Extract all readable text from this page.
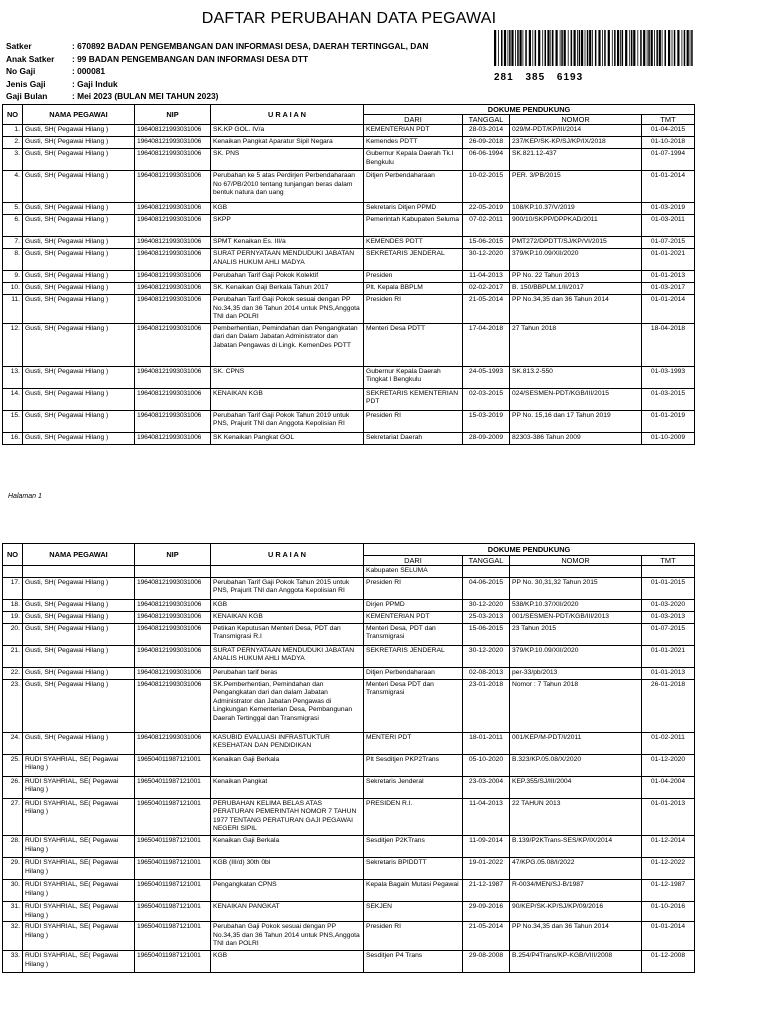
DAFTAR PERUBAHAN DATA PEGAWAI
Satker	: 670892 BADAN PENGEMBANGAN DAN INFORMASI DESA, DAERAH TERTINGGAL, DAN
Anak Satker	: 99 BADAN PENGEMBANGAN DAN INFORMASI DESA DTT
No Gaji	: 000081
Jenis Gaji	: Gaji Induk
Gaji Bulan	: Mei 2023 (BULAN MEI TAHUN 2023)
281 385 6193
NO	NAMA PEGAWAI	NIP	U R A I A N	DOKUME PENDUKUNG			
				DARI	TANGGAL	NOMOR	TMT
1.	Gusti, SH( Pegawai Hilang )	196408121993031006	SK.KP GOL. IV/a	KEMENTERIAN PDT	28-03-2014	029/M-PDT/KP/III/2014	01-04-2015
2.	Gusti, SH( Pegawai Hilang )	196408121993031006	Kenaikan Pangkat Aparatur Sipil Negara	Kemendes PDTT	26-09-2018	237/KEP/SK-KP/SJ/KP/IX/2018	01-10-2018
3.	Gusti, SH( Pegawai Hilang )	196408121993031006	SK. PNS	Gubernur Kepala Daerah Tk.I Bengkulu	06-06-1994	SK.821.12-437	01-07-1994
4.	Gusti, SH( Pegawai Hilang )	196408121993031006	Perubahan ke 5 atas Perdirjen Perbendaharaan No 67/PB/2010 tentang tunjangan beras dalam bentuk natura dan uang	Ditjen Perbendaharaan	10-02-2015	PER. 3/PB/2015	01-01-2014
5.	Gusti, SH( Pegawai Hilang )	196408121993031006	KGB	Sekretaris Ditjen PPMD	22-05-2019	108/KP.10.37/V/2019	01-03-2019
6.	Gusti, SH( Pegawai Hilang )	196408121993031006	SKPP	Pemerintah Kabupaten Seluma	07-02-2011	900/10/SKPP/DPPKAD/2011	01-03-2011
7.	Gusti, SH( Pegawai Hilang )	196408121993031006	SPMT Kenaikan Es. III/a	KEMENDES PDTT	15-06-2015	PMT272/DPDTT/SJ/KP/VI/2015	01-07-2015
8.	Gusti, SH( Pegawai Hilang )	196408121993031006	SURAT PERNYATAAN MENDUDUKI JABATAN ANALIS HUKUM AHLI MADYA	SEKRETARIS JENDERAL	30-12-2020	379/KP.10.09/XII/2020	01-01-2021
9.	Gusti, SH( Pegawai Hilang )	196408121993031006	Perubahan Tarif Gaji Pokok Kolektif	Presiden	11-04-2013	PP No. 22 Tahun 2013	01-01-2013
10.	Gusti, SH( Pegawai Hilang )	196408121993031006	SK. Kenaikan Gaji Berkala Tahun 2017	Plt. Kepala BBPLM	02-02-2017	B. 150/BBPLM.1/II/2017	01-03-2017
11.	Gusti, SH( Pegawai Hilang )	196408121993031006	Perubahan Tarif Gaji Pokok sesuai dengan PP No.34,35 dan 36 Tahun 2014 untuk PNS,Anggota TNI dan POLRI	Presiden RI	21-05-2014	PP No.34,35 dan 36 Tahun 2014	01-01-2014
12.	Gusti, SH( Pegawai Hilang )	196408121993031006	Pemberhentian, Pemindahan dan Pengangkatan dari dan Dalam Jabatan Administrator dan Jabatan Pengawas di Lingk. KemenDes PDTT	Menteri Desa PDTT	17-04-2018	27 Tahun 2018	18-04-2018
13.	Gusti, SH( Pegawai Hilang )	196408121993031006	SK. CPNS	Gubernur Kepala Daerah Tingkat I Bengkulu	24-05-1993	SK.813.2-550	01-03-1993
14.	Gusti, SH( Pegawai Hilang )	196408121993031006	KENAIKAN KGB	SEKRETARIS KEMENTERIAN PDT	02-03-2015	024/SESMEN-PDT/KGB/III/2015	01-03-2015
15.	Gusti, SH( Pegawai Hilang )	196408121993031006	Perubahan Tarif Gaji Pokok Tahun 2019 untuk PNS, Prajurit TNI dan Anggota Kepolisian RI	Presiden RI	15-03-2019	PP No. 15,16 dan 17 Tahun 2019	01-01-2019
16.	Gusti, SH( Pegawai Hilang )	196408121993031006	SK Kenaikan Pangkat GOL	Sekretariat Daerah	28-09-2009	82303-386 Tahun 2009	01-10-2009
Halaman 1
NO	NAMA PEGAWAI	NIP	U R A I A N	DOKUME PENDUKUNG			
				DARI	TANGGAL	NOMOR	TMT
				Kabupaten SELUMA			
17.	Gusti, SH( Pegawai Hilang )	196408121993031006	Perubahan Tarif Gaji Pokok Tahun 2015 untuk PNS, Prajurit TNI dan Anggota Kepolisian RI	Presiden RI	04-06-2015	PP No. 30,31,32 Tahun 2015	01-01-2015
18.	Gusti, SH( Pegawai Hilang )	196408121993031006	KGB	Dirjen PPMD	30-12-2020	538/KP.10.37/XII/2020	01-03-2020
19.	Gusti, SH( Pegawai Hilang )	196408121993031006	KENAIKAN KGB	KEMENTERIAN PDT	25-03-2013	001/SESMEN-PDT/KGB/III/2013	01-03-2013
20.	Gusti, SH( Pegawai Hilang )	196408121993031006	Petikan Keputusan Menteri Desa, PDT dan Transmigrasi R.I	Menteri Desa, PDT dan Transmigrasi	15-06-2015	23 Tahun 2015	01-07-2015
21.	Gusti, SH( Pegawai Hilang )	196408121993031006	SURAT PERNYATAAN MENDUDUKI JABATAN ANALIS HUKUM AHLI MADYA	SEKRETARIS JENDERAL	30-12-2020	379/KP.10.09/XII/2020	01-01-2021
22.	Gusti, SH( Pegawai Hilang )	196408121993031006	Perubahan tarif beras	Ditjen Perbendaharaan	02-08-2013	per-33/pb/2013	01-01-2013
23.	Gusti, SH( Pegawai Hilang )	196408121993031006	SK.Pemberhentian, Pemindahan dan Pengangkatan dari dan dalam Jabatan Administrator dan Jabatan Pengawas di Lingkungan Kementerian Desa, Pembangunan Daerah Tertinggal dan Transmigrasi	Menteri Desa PDT dan Transmigrasi	23-01-2018	Nomor : 7 Tahun 2018	26-01-2018
24.	Gusti, SH( Pegawai Hilang )	196408121993031006	KASUBID EVALUASI INFRASTUKTUR KESEHATAN DAN PENDIDIKAN	MENTERI PDT	18-01-2011	001/KEP/M-PDT/I/2011	01-02-2011
25.	RUDI SYAHRIAL, SE( Pegawai Hilang )	196504011987121001	Kenaikan Gaji Berkala	Plt Sesditjen PKP2Trans	05-10-2020	B.323/KP.05.08/X/2020	01-12-2020
26.	RUDI SYAHRIAL, SE( Pegawai Hilang )	196504011987121001	Kenaikan Pangkat	Sekretaris Jenderal	23-03-2004	KEP.355/SJ/III/2004	01-04-2004
27.	RUDI SYAHRIAL, SE( Pegawai Hilang )	196504011987121001	PERUBAHAN KELIMA BELAS ATAS PERATURAN PEMERINTAH NOMOR 7 TAHUN 1977 TENTANG PERATURAN GAJI PEGAWAI NEGERI SIPIL	PRESIDEN R.I.	11-04-2013	22 TAHUN 2013	01-01-2013
28.	RUDI SYAHRIAL, SE( Pegawai Hilang )	196504011987121001	Kenaikan Gaji Berkala	Sesditjen P2KTrans	11-09-2014	B.139/P2KTrans-SES/KP/IX/2014	01-12-2014
29.	RUDI SYAHRIAL, SE( Pegawai Hilang )	196504011987121001	KGB (III/d) 30th 0bl	Sekretaris BPIDDTT	19-01-2022	47/KPG.05.08/I/2022	01-12-2022
30.	RUDI SYAHRIAL, SE( Pegawai Hilang )	196504011987121001	Pengangkatan CPNS	Kepala Bagain Mutasi Pegawai	21-12-1987	R-0034/MEN/SJ-B/1987	01-12-1987
31.	RUDI SYAHRIAL, SE( Pegawai Hilang )	196504011987121001	KENAIKAN PANGKAT	SEKJEN	29-09-2016	90/KEP/SK-KP/SJ/KP/09/2016	01-10-2016
32.	RUDI SYAHRIAL, SE( Pegawai Hilang )	196504011987121001	Perubahan Gaji Pokok sesuai dengan PP No.34,35 dan 36 Tahun 2014 untuk PNS,Anggota TNI dan POLRI	Presiden RI	21-05-2014	PP No.34,35 dan 36 Tahun 2014	01-01-2014
33.	RUDI SYAHRIAL, SE( Pegawai Hilang )	196504011987121001	KGB	Sesditjen P4 Trans	29-08-2008	B.254/P4Trans/KP-KGB/VIII/2008	01-12-2008
